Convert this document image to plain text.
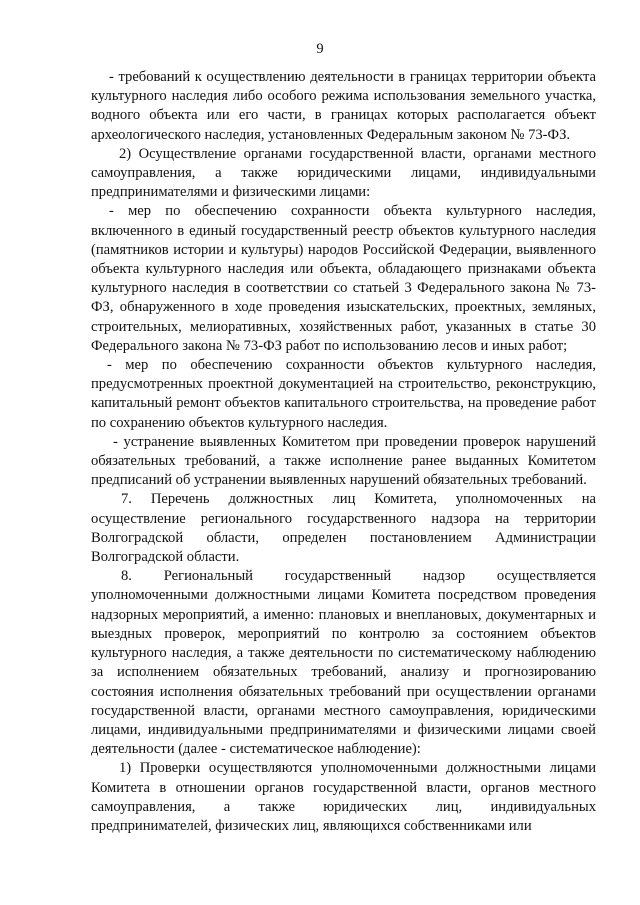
9

- требований к осуществлению деятельности в границах территории объекта культурного наследия либо особого режима использования земельного участка, водного объекта или его части, в границах которых располагается объект археологического наследия, установленных Федеральным законом № 73-ФЗ.

2) Осуществление органами государственной власти, органами местного самоуправления, а также юридическими лицами, индивидуальными предпринимателями и физическими лицами:

- мер по обеспечению сохранности объекта культурного наследия, включенного в единый государственный реестр объектов культурного наследия (памятников истории и культуры) народов Российской Федерации, выявленного объекта культурного наследия или объекта, обладающего признаками объекта культурного наследия в соответствии со статьей 3 Федерального закона № 73-ФЗ, обнаруженного в ходе проведения изыскательских, проектных, земляных, строительных, мелиоративных, хозяйственных работ, указанных в статье 30 Федерального закона № 73-ФЗ работ по использованию лесов и иных работ;

- мер по обеспечению сохранности объектов культурного наследия, предусмотренных проектной документацией на строительство, реконструкцию, капитальный ремонт объектов капитального строительства, на проведение работ по сохранению объектов культурного наследия.

- устранение выявленных Комитетом при проведении проверок нарушений обязательных требований, а также исполнение ранее выданных Комитетом предписаний об устранении выявленных нарушений обязательных требований.

7. Перечень должностных лиц Комитета, уполномоченных на осуществление регионального государственного надзора на территории Волгоградской области, определен постановлением Администрации Волгоградской области.

8. Региональный государственный надзор осуществляется уполномоченными должностными лицами Комитета посредством проведения надзорных мероприятий, а именно: плановых и внеплановых, документарных и выездных проверок, мероприятий по контролю за состоянием объектов культурного наследия, а также деятельности по систематическому наблюдению за исполнением обязательных требований, анализу и прогнозированию состояния исполнения обязательных требований при осуществлении органами государственной власти, органами местного самоуправления, юридическими лицами, индивидуальными предпринимателями и физическими лицами своей деятельности (далее - систематическое наблюдение):

1) Проверки осуществляются уполномоченными должностными лицами Комитета в отношении органов государственной власти, органов местного самоуправления, а также юридических лиц, индивидуальных предпринимателей, физических лиц, являющихся собственниками или
